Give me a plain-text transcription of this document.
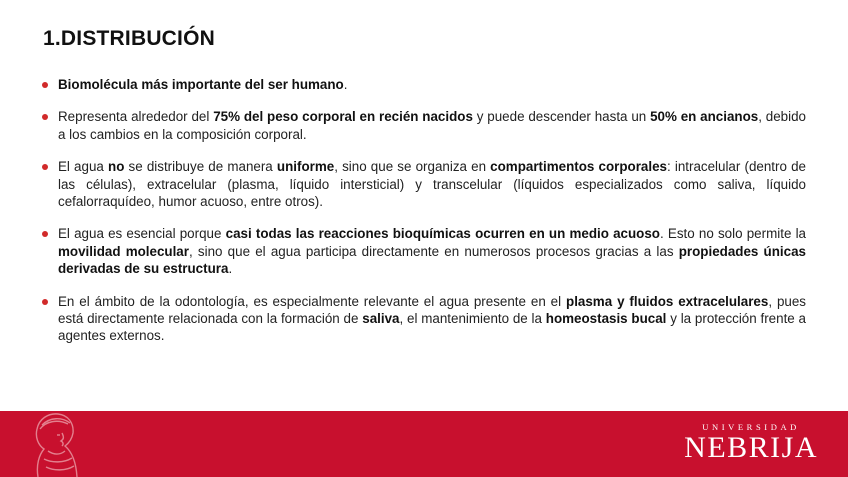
1.DISTRIBUCIÓN
Biomolécula más importante del ser humano.
Representa alrededor del 75% del peso corporal en recién nacidos y puede descender hasta un 50% en ancianos, debido a los cambios en la composición corporal.
El agua no se distribuye de manera uniforme, sino que se organiza en compartimentos corporales: intracelular (dentro de las células), extracelular (plasma, líquido intersticial) y transcelular (líquidos especializados como saliva, líquido cefalorraquídeo, humor acuoso, entre otros).
El agua es esencial porque casi todas las reacciones bioquímicas ocurren en un medio acuoso. Esto no solo permite la movilidad molecular, sino que el agua participa directamente en numerosos procesos gracias a las propiedades únicas derivadas de su estructura.
En el ámbito de la odontología, es especialmente relevante el agua presente en el plasma y fluidos extracelulares, pues está directamente relacionada con la formación de saliva, el mantenimiento de la homeostasis bucal y la protección frente a agentes externos.
UNIVERSIDAD
NEBRIJA
